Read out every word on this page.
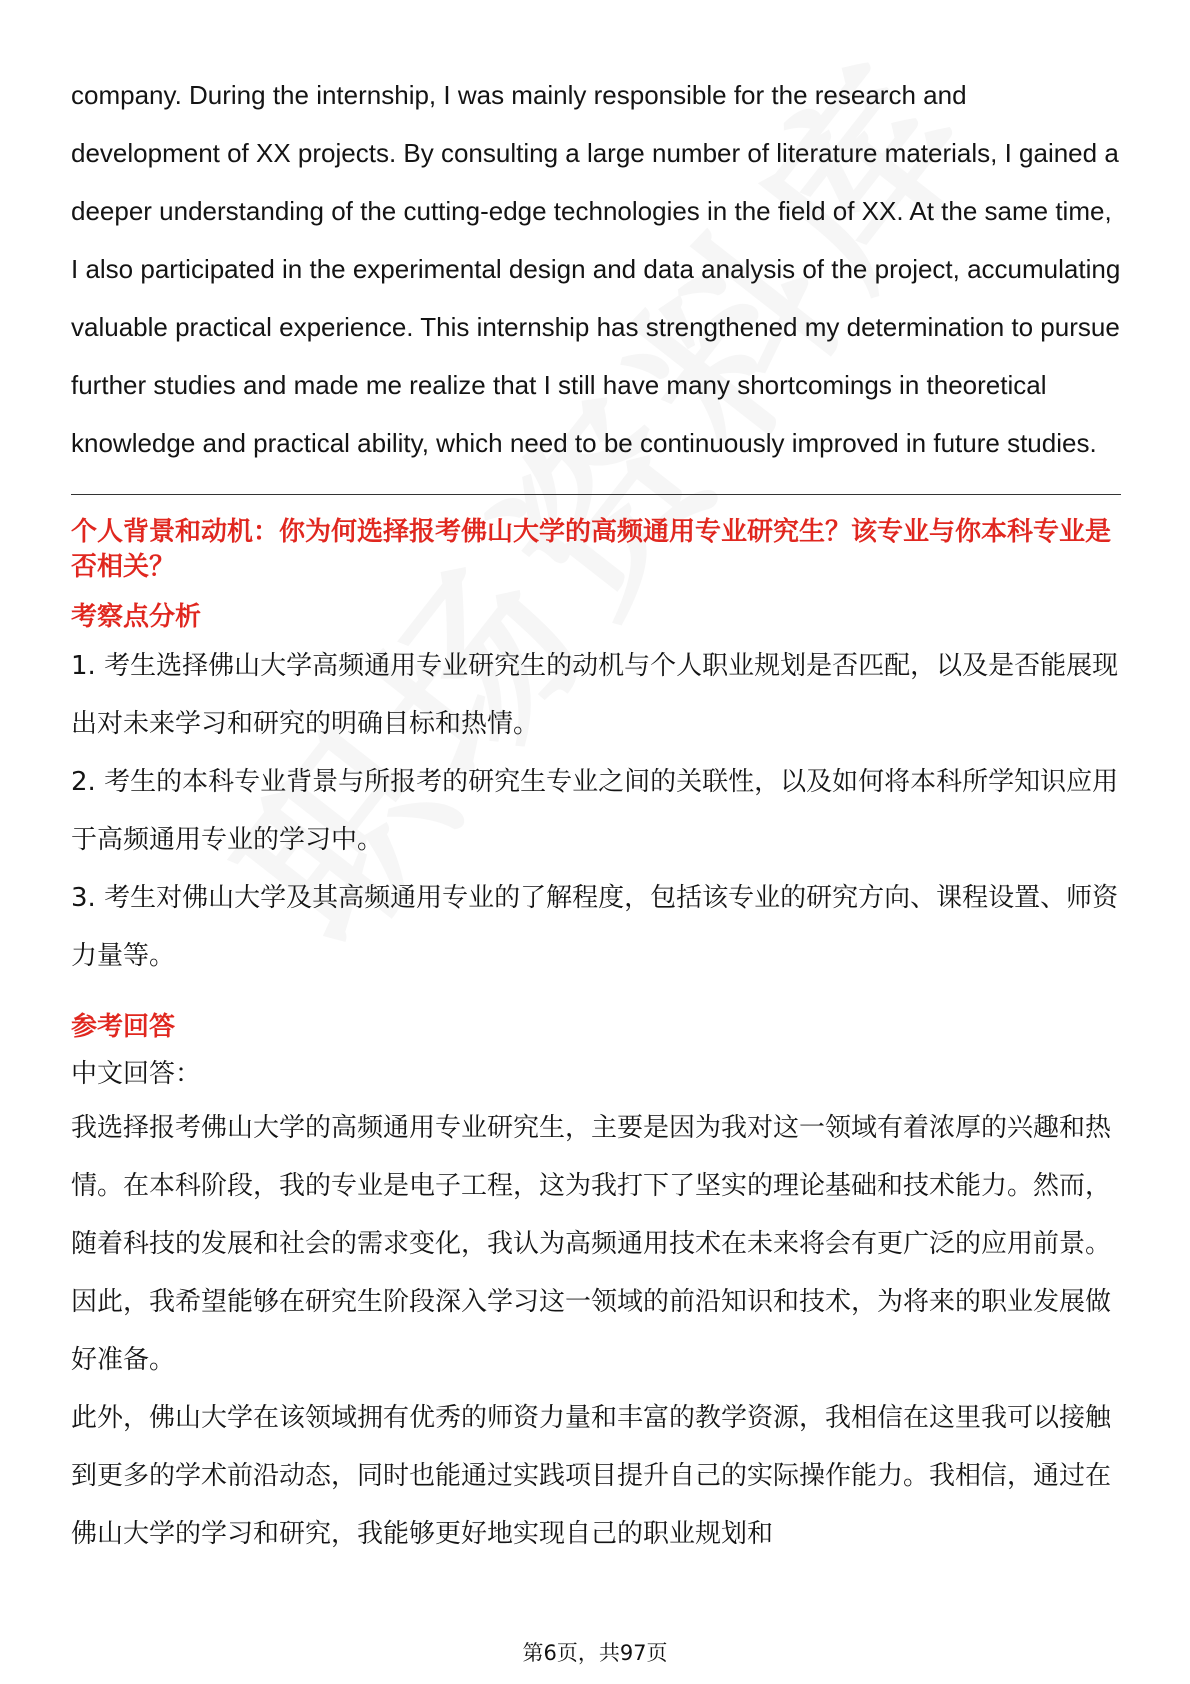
company. During the internship, I was mainly responsible for the research and development of XX projects. By consulting a large number of literature materials, I gained a deeper understanding of the cutting-edge technologies in the field of XX. At the same time, I also participated in the experimental design and data analysis of the project, accumulating valuable practical experience. This internship has strengthened my determination to pursue further studies and made me realize that I still have many shortcomings in theoretical knowledge and practical ability, which need to be continuously improved in future studies.

个人背景和动机：你为何选择报考佛山大学的高频通用专业研究生？该专业与你本科专业是否相关？
考察点分析
1. 考生选择佛山大学高频通用专业研究生的动机与个人职业规划是否匹配，以及是否能展现出对未来学习和研究的明确目标和热情。
2. 考生的本科专业背景与所报考的研究生专业之间的关联性，以及如何将本科所学知识应用于高频通用专业的学习中。
3. 考生对佛山大学及其高频通用专业的了解程度，包括该专业的研究方向、课程设置、师资力量等。
参考回答
中文回答：

我选择报考佛山大学的高频通用专业研究生，主要是因为我对这一领域有着浓厚的兴趣和热情。在本科阶段，我的专业是电子工程，这为我打下了坚实的理论基础和技术能力。然而，随着科技的发展和社会的需求变化，我认为高频通用技术在未来将会有更广泛的应用前景。因此，我希望能够在研究生阶段深入学习这一领域的前沿知识和技术，为将来的职业发展做好准备。

此外，佛山大学在该领域拥有优秀的师资力量和丰富的教学资源，我相信在这里我可以接触到更多的学术前沿动态，同时也能通过实践项目提升自己的实际操作能力。我相信，通过在佛山大学的学习和研究，我能够更好地实现自己的职业规划和

第6页，共97页
